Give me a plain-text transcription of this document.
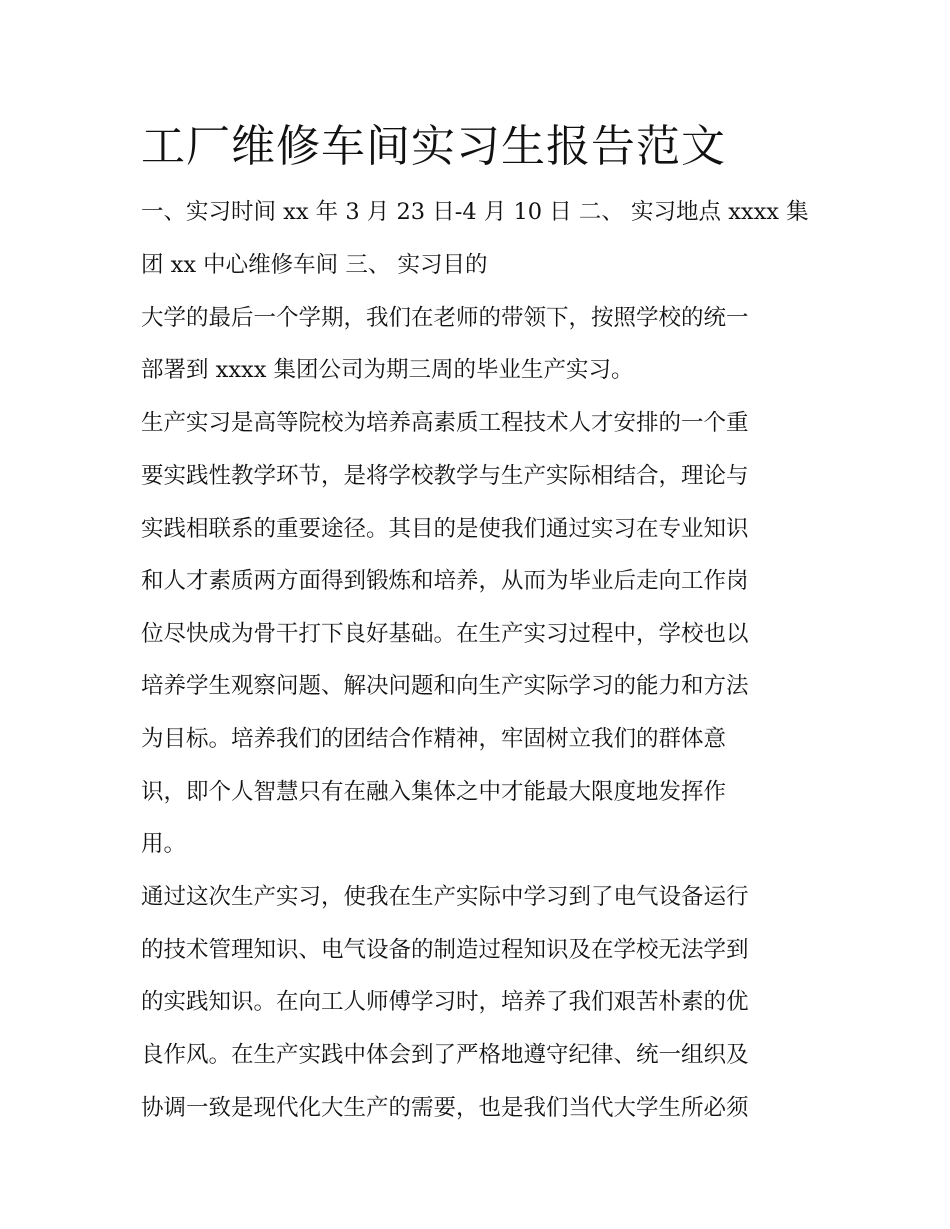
工厂维修车间实习生报告范文
一、实习时间 xx 年 3 月 23 日-4 月 10 日 二、 实习地点 xxxx 集
团 xx 中心维修车间 三、 实习目的
大学的最后一个学期，我们在老师的带领下，按照学校的统一
部署到 xxxx 集团公司为期三周的毕业生产实习。
生产实习是高等院校为培养高素质工程技术人才安排的一个重
要实践性教学环节，是将学校教学与生产实际相结合，理论与
实践相联系的重要途径。其目的是使我们通过实习在专业知识
和人才素质两方面得到锻炼和培养，从而为毕业后走向工作岗
位尽快成为骨干打下良好基础。在生产实习过程中，学校也以
培养学生观察问题、解决问题和向生产实际学习的能力和方法
为目标。培养我们的团结合作精神，牢固树立我们的群体意
识，即个人智慧只有在融入集体之中才能最大限度地发挥作
用。
通过这次生产实习，使我在生产实际中学习到了电气设备运行
的技术管理知识、电气设备的制造过程知识及在学校无法学到
的实践知识。在向工人师傅学习时，培养了我们艰苦朴素的优
良作风。在生产实践中体会到了严格地遵守纪律、统一组织及
协调一致是现代化大生产的需要，也是我们当代大学生所必须
